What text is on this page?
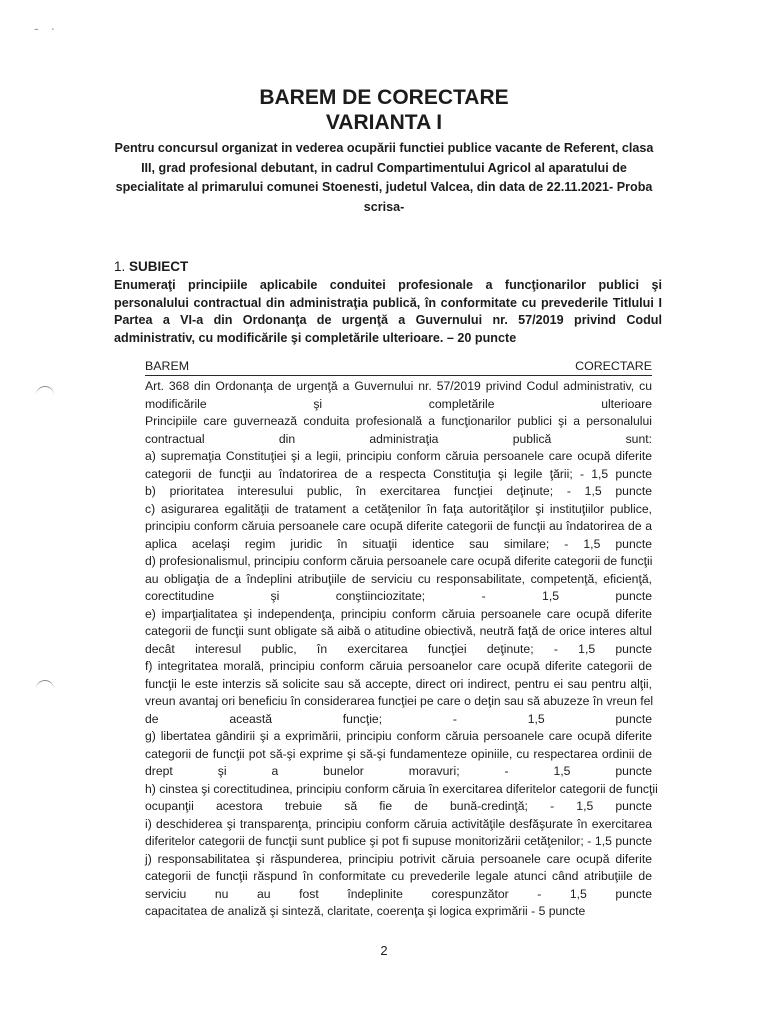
- ·
BAREM DE CORECTARE
VARIANTA I
Pentru concursul organizat in vederea ocupării functiei publice vacante de Referent, clasa III, grad profesional debutant, in cadrul Compartimentului Agricol al aparatului de specialitate al primarului comunei Stoenesti, judetul Valcea, din data de 22.11.2021- Proba scrisa-
1. SUBIECT
Enumeraţi principiile aplicabile conduitei profesionale a funcţionarilor publici şi personalului contractual din administraţia publică, în conformitate cu prevederile Titlului I Partea a VI-a din Ordonanţa de urgenţă a Guvernului nr. 57/2019 privind Codul administrativ, cu modificările şi completările ulterioare. – 20 puncte
BAREM	CORECTARE
Art. 368 din Ordonanţa de urgenţă a Guvernului nr. 57/2019 privind Codul administrativ, cu
modificările şi completările ulterioare
Principiile care guvernează conduita profesională a funcţionarilor publici şi a personalului
contractual din administraţia publică sunt:
a) supremaţia Constituţiei şi a legii, principiu conform căruia persoanele care ocupă diferite
categorii de funcţii au îndatorirea de a respecta Constituţia şi legile ţării; - 1,5 puncte
b) prioritatea interesului public, în exercitarea funcţiei deţinute; - 1,5 puncte
c) asigurarea egalităţii de tratament a cetăţenilor în faţa autorităţilor şi instituţiilor publice,
principiu conform căruia persoanele care ocupă diferite categorii de funcţii au îndatorirea de a
aplica acelaşi regim juridic în situaţii identice sau similare; - 1,5 puncte
d) profesionalismul, principiu conform căruia persoanele care ocupă diferite categorii de funcţii
au obligaţia de a îndeplini atribuţiile de serviciu cu responsabilitate, competenţă, eficienţă,
corectitudine şi conştiinciozitate; - 1,5 puncte
e) imparţialitatea şi independenţa, principiu conform căruia persoanele care ocupă diferite
categorii de funcţii sunt obligate să aibă o atitudine obiectivă, neutră faţă de orice interes altul
decât interesul public, în exercitarea funcţiei deţinute; - 1,5 puncte
f) integritatea morală, principiu conform căruia persoanelor care ocupă diferite categorii de
funcţii le este interzis să solicite sau să accepte, direct ori indirect, pentru ei sau pentru alţii,
vreun avantaj ori beneficiu în considerarea funcţiei pe care o deţin sau să abuzeze în vreun fel
de această funcţie; - 1,5 puncte
g) libertatea gândirii şi a exprimării, principiu conform căruia persoanele care ocupă diferite
categorii de funcţii pot să-şi exprime şi să-şi fundamenteze opiniile, cu respectarea ordinii de
drept şi a bunelor moravuri; - 1,5 puncte
h) cinstea şi corectitudinea, principiu conform căruia în exercitarea diferitelor categorii de funcţii
ocupanţii acestora trebuie să fie de bună-credinţă; - 1,5 puncte
i) deschiderea şi transparenţa, principiu conform căruia activităţile desfăşurate în exercitarea
diferitelor categorii de funcţii sunt publice şi pot fi supuse monitorizării cetăţenilor; - 1,5 puncte
j) responsabilitatea şi răspunderea, principiu potrivit căruia persoanele care ocupă diferite
categorii de funcţii răspund în conformitate cu prevederile legale atunci când atribuţiile de
serviciu nu au fost îndeplinite corespunzător - 1,5 puncte
capacitatea de analiză şi sinteză, claritate, coerenţa şi logica exprimării - 5 puncte
2
